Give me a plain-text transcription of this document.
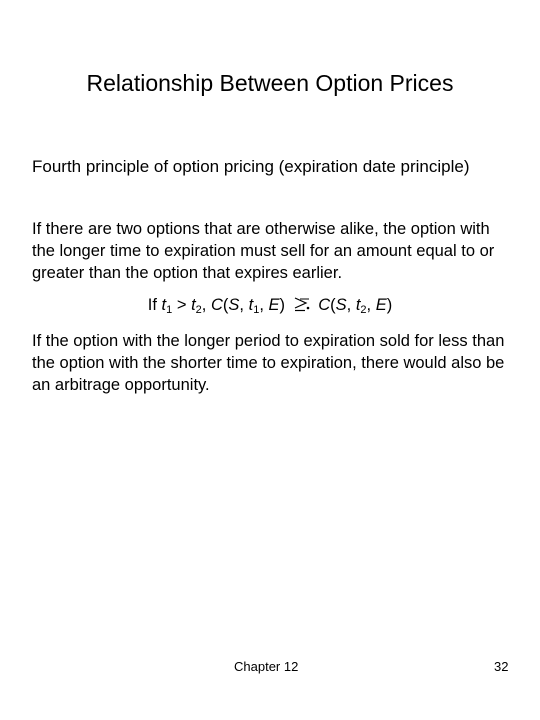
Relationship Between Option Prices

Fourth principle of option pricing (expiration date principle)

If there are two options that are otherwise alike, the option with the longer time to expiration must sell for an amount equal to or greater than the option that expires earlier.

If $t_1 > t_2$, C(S, $t_1$, E) C(S, $t_2$, E)

If the option with the longer period to expiration sold for less than the option with the shorter time to expiration, there would also be an arbitrage opportunity.

Chapter 12	32
